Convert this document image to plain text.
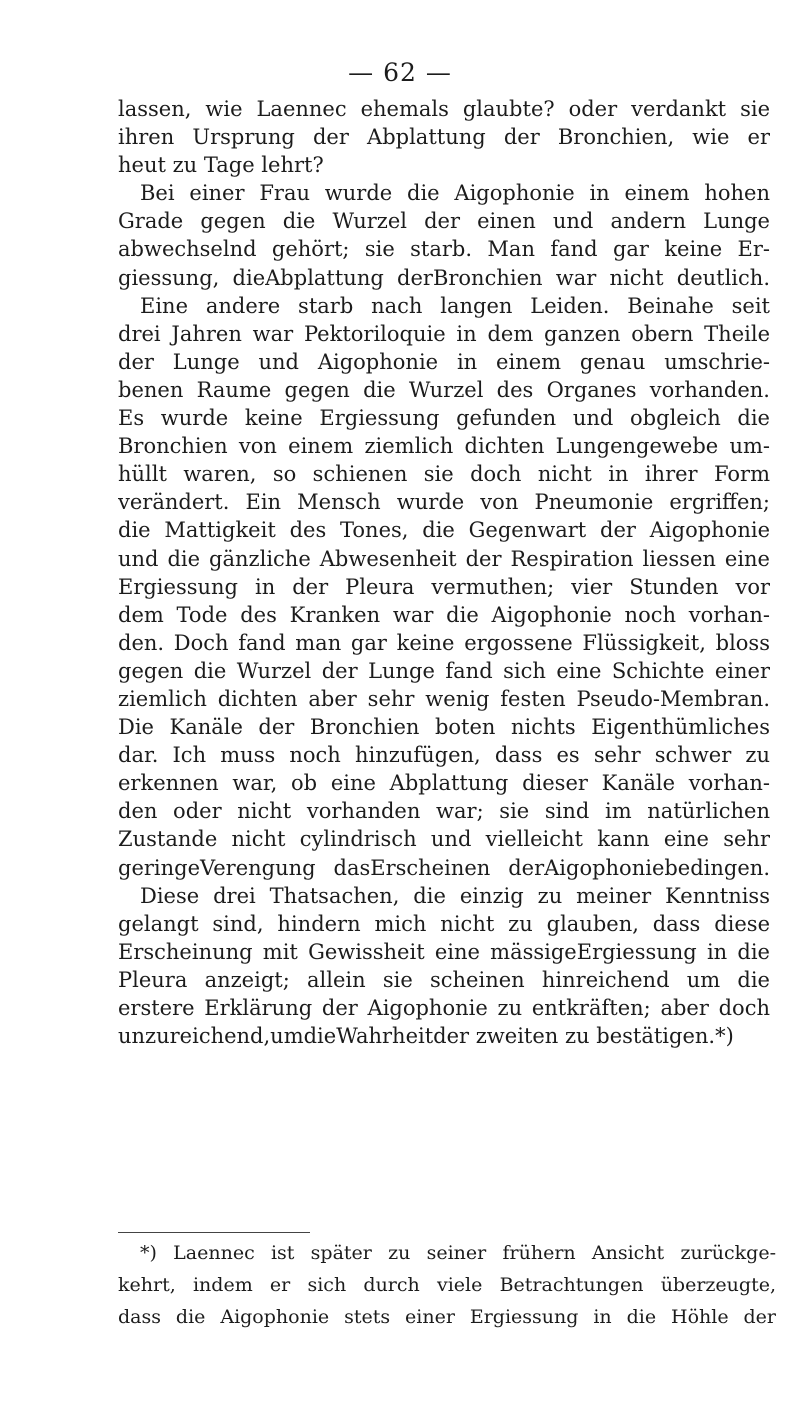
— 62 —
lassen, wie Laennec ehemals glaubte? oder verdankt sie
ihren Ursprung der Abplattung der Bronchien, wie er
heut zu Tage lehrt?
Bei einer Frau wurde die Aigophonie in einem hohen
Grade gegen die Wurzel der einen und andern Lunge
abwechselnd gehört; sie starb. Man fand gar keine Er-
giessung, dieAbplattung derBronchien war nicht deutlich.
Eine andere starb nach langen Leiden. Beinahe seit
drei Jahren war Pektoriloquie in dem ganzen obern Theile
der Lunge und Aigophonie in einem genau umschrie-
benen Raume gegen die Wurzel des Organes vorhanden.
Es wurde keine Ergiessung gefunden und obgleich die
Bronchien von einem ziemlich dichten Lungengewebe um-
hüllt waren, so schienen sie doch nicht in ihrer Form
verändert. Ein Mensch wurde von Pneumonie ergriffen;
die Mattigkeit des Tones, die Gegenwart der Aigophonie
und die gänzliche Abwesenheit der Respiration liessen eine
Ergiessung in der Pleura vermuthen; vier Stunden vor
dem Tode des Kranken war die Aigophonie noch vorhan-
den. Doch fand man gar keine ergossene Flüssigkeit, bloss
gegen die Wurzel der Lunge fand sich eine Schichte einer
ziemlich dichten aber sehr wenig festen Pseudo-Membran.
Die Kanäle der Bronchien boten nichts Eigenthümliches
dar. Ich muss noch hinzufügen, dass es sehr schwer zu
erkennen war, ob eine Abplattung dieser Kanäle vorhan-
den oder nicht vorhanden war; sie sind im natürlichen
Zustande nicht cylindrisch und vielleicht kann eine sehr
geringeVerengung dasErscheinen derAigophoniebedingen.
Diese drei Thatsachen, die einzig zu meiner Kenntniss
gelangt sind, hindern mich nicht zu glauben, dass diese
Erscheinung mit Gewissheit eine mässigeErgiessung in die
Pleura anzeigt; allein sie scheinen hinreichend um die
erstere Erklärung der Aigophonie zu entkräften; aber doch
unzureichend,umdieWahrheitder zweiten zu bestätigen.*)
*) Laennec ist später zu seiner frühern Ansicht zurückge-
kehrt, indem er sich durch viele Betrachtungen überzeugte,
dass die Aigophonie stets einer Ergiessung in die Höhle der
